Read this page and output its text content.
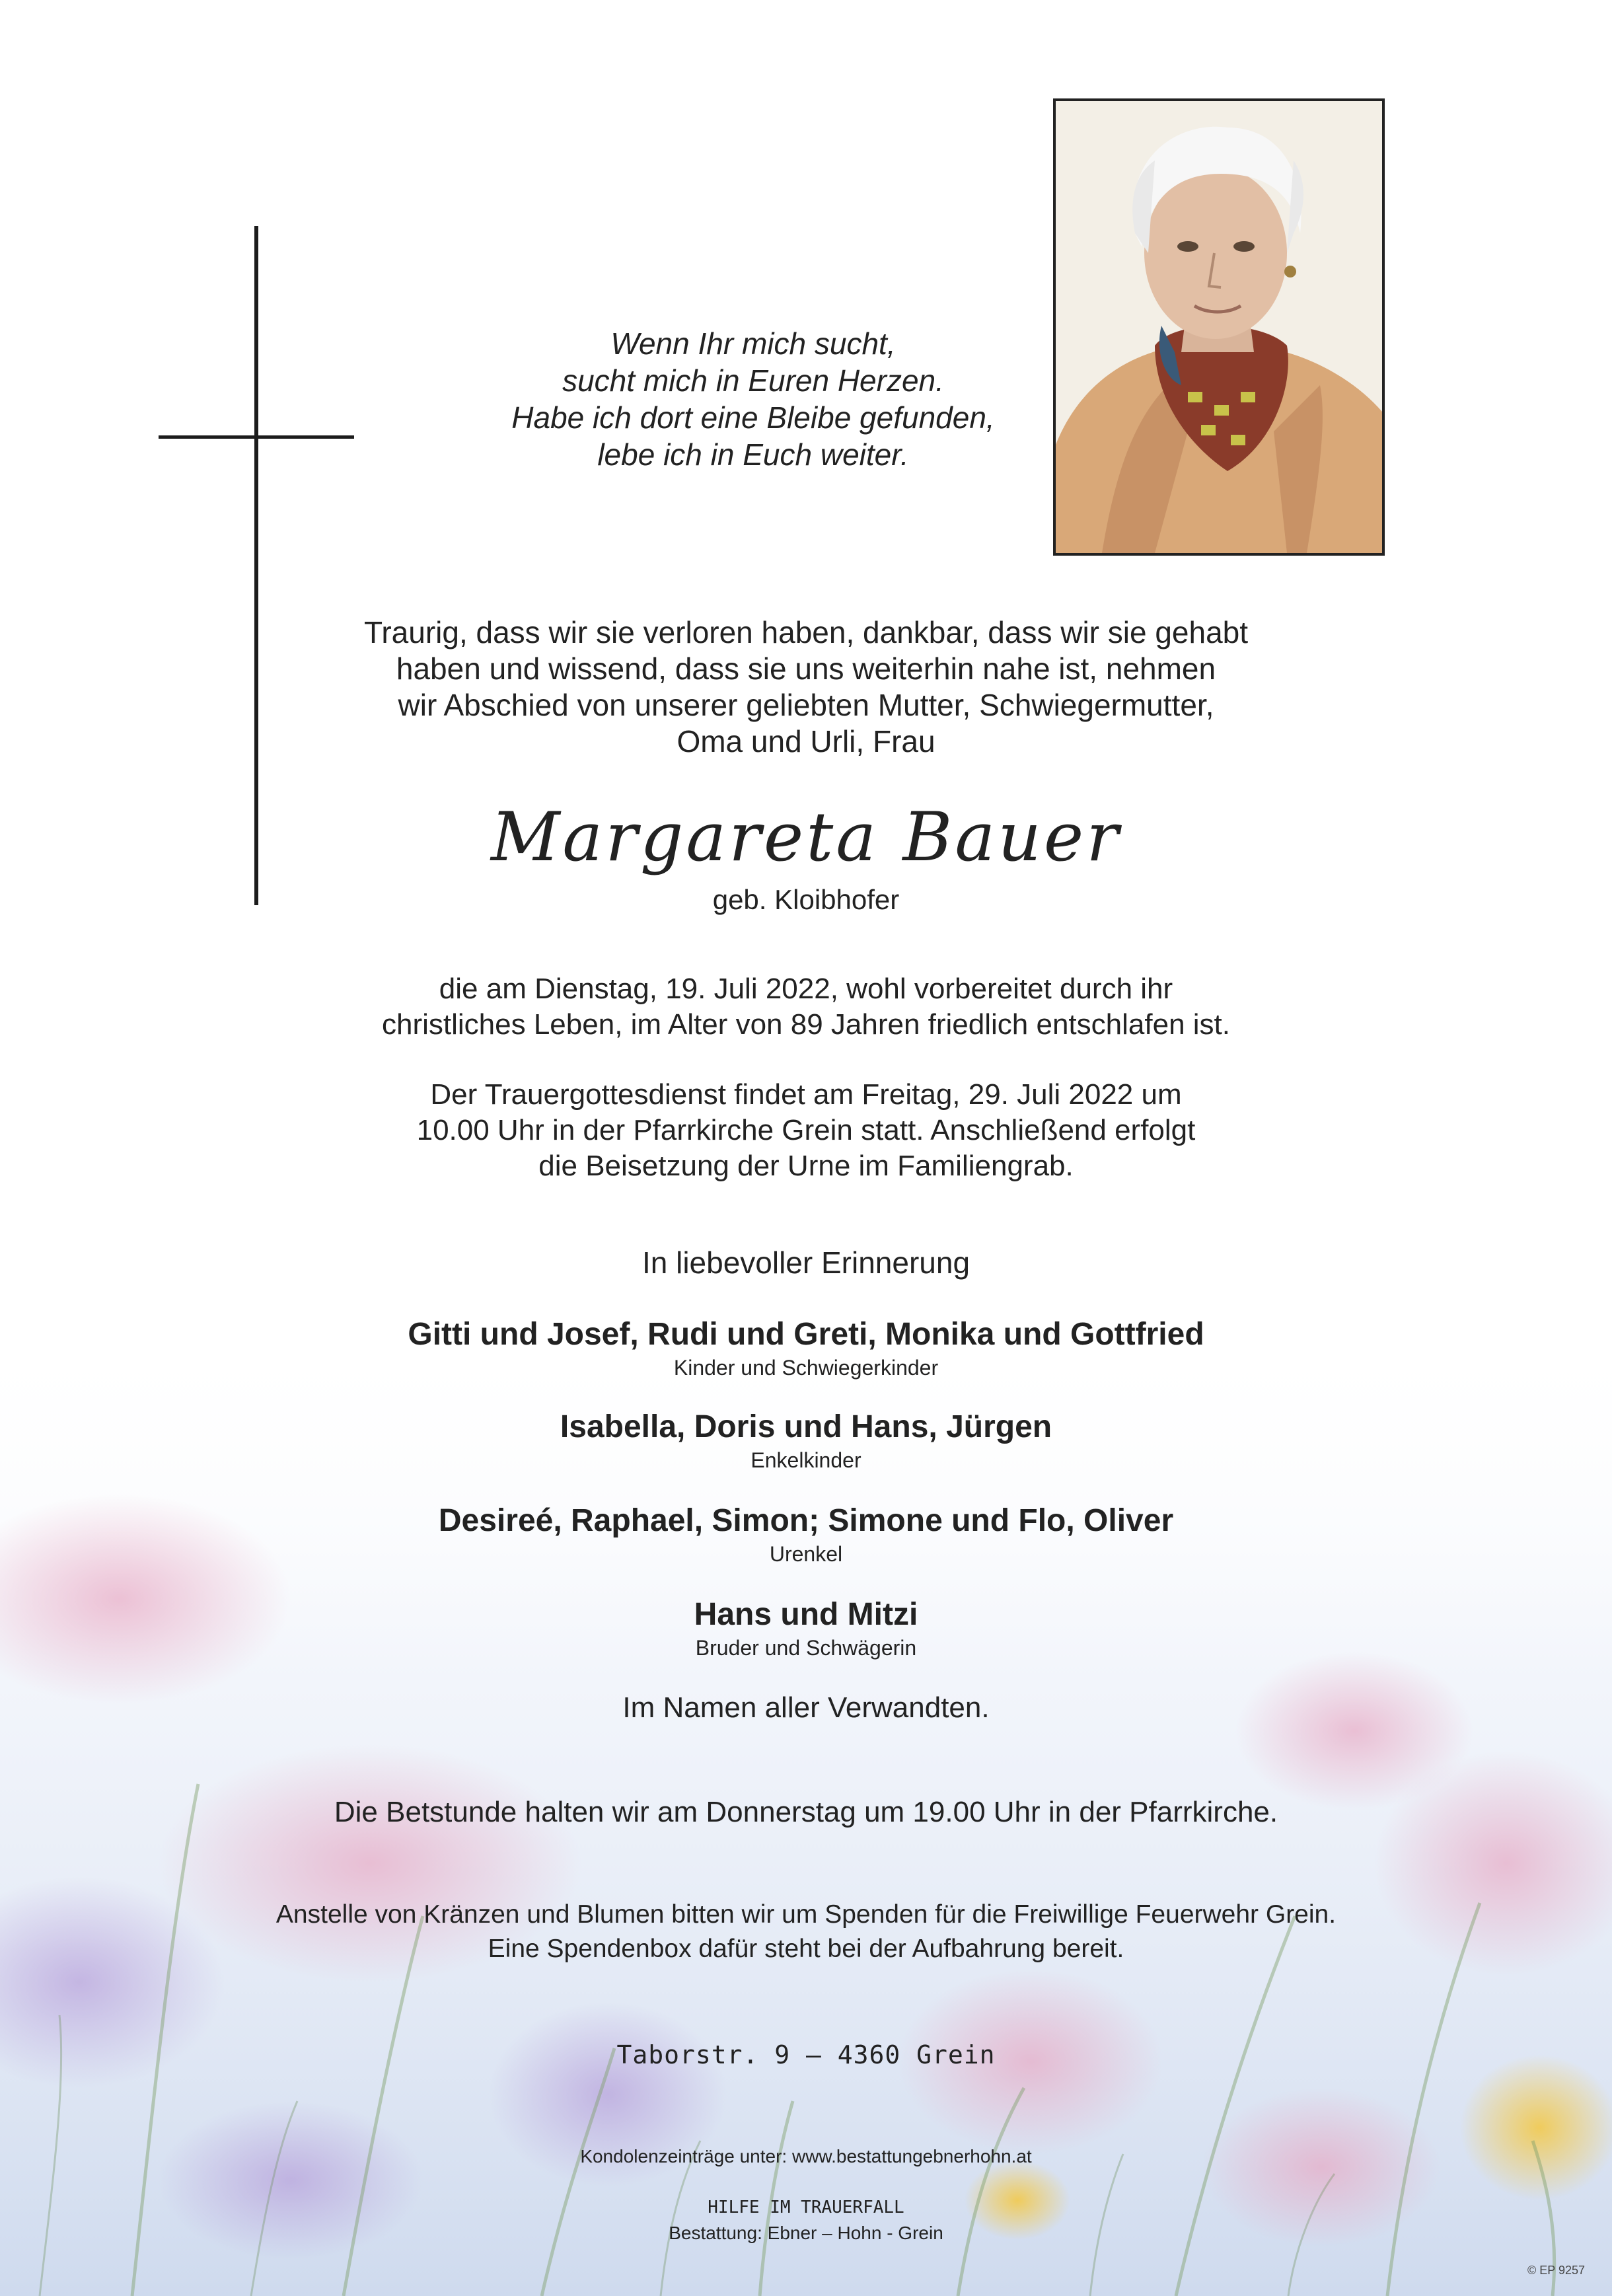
Wenn Ihr mich sucht,
sucht mich in Euren Herzen.
Habe ich dort eine Bleibe gefunden,
lebe ich in Euch weiter.
Traurig, dass wir sie verloren haben, dankbar, dass wir sie gehabt
haben und wissend, dass sie uns weiterhin nahe ist, nehmen
wir Abschied von unserer geliebten Mutter, Schwiegermutter,
Oma und Urli, Frau
Margareta Bauer
geb. Kloibhofer
die am Dienstag, 19. Juli 2022, wohl vorbereitet durch ihr
christliches Leben, im Alter von 89 Jahren friedlich entschlafen ist.
Der Trauergottesdienst findet am Freitag, 29. Juli 2022 um
10.00 Uhr in der Pfarrkirche Grein statt. Anschließend erfolgt
die Beisetzung der Urne im Familiengrab.
In liebevoller Erinnerung
Gitti und Josef, Rudi und Greti, Monika und Gottfried
Kinder und Schwiegerkinder
Isabella, Doris und Hans, Jürgen
Enkelkinder
Desireé, Raphael, Simon; Simone und Flo, Oliver
Urenkel
Hans und Mitzi
Bruder und Schwägerin
Im Namen aller Verwandten.
Die Betstunde halten wir am Donnerstag um 19.00 Uhr in der Pfarrkirche.
Anstelle von Kränzen und Blumen bitten wir um Spenden für die Freiwillige Feuerwehr Grein.
Eine Spendenbox dafür steht bei der Aufbahrung bereit.
Taborstr. 9 – 4360 Grein
Kondolenzeinträge unter: www.bestattungebnerhohn.at
HILFE IM TRAUERFALL
Bestattung: Ebner – Hohn - Grein
© EP 9257
